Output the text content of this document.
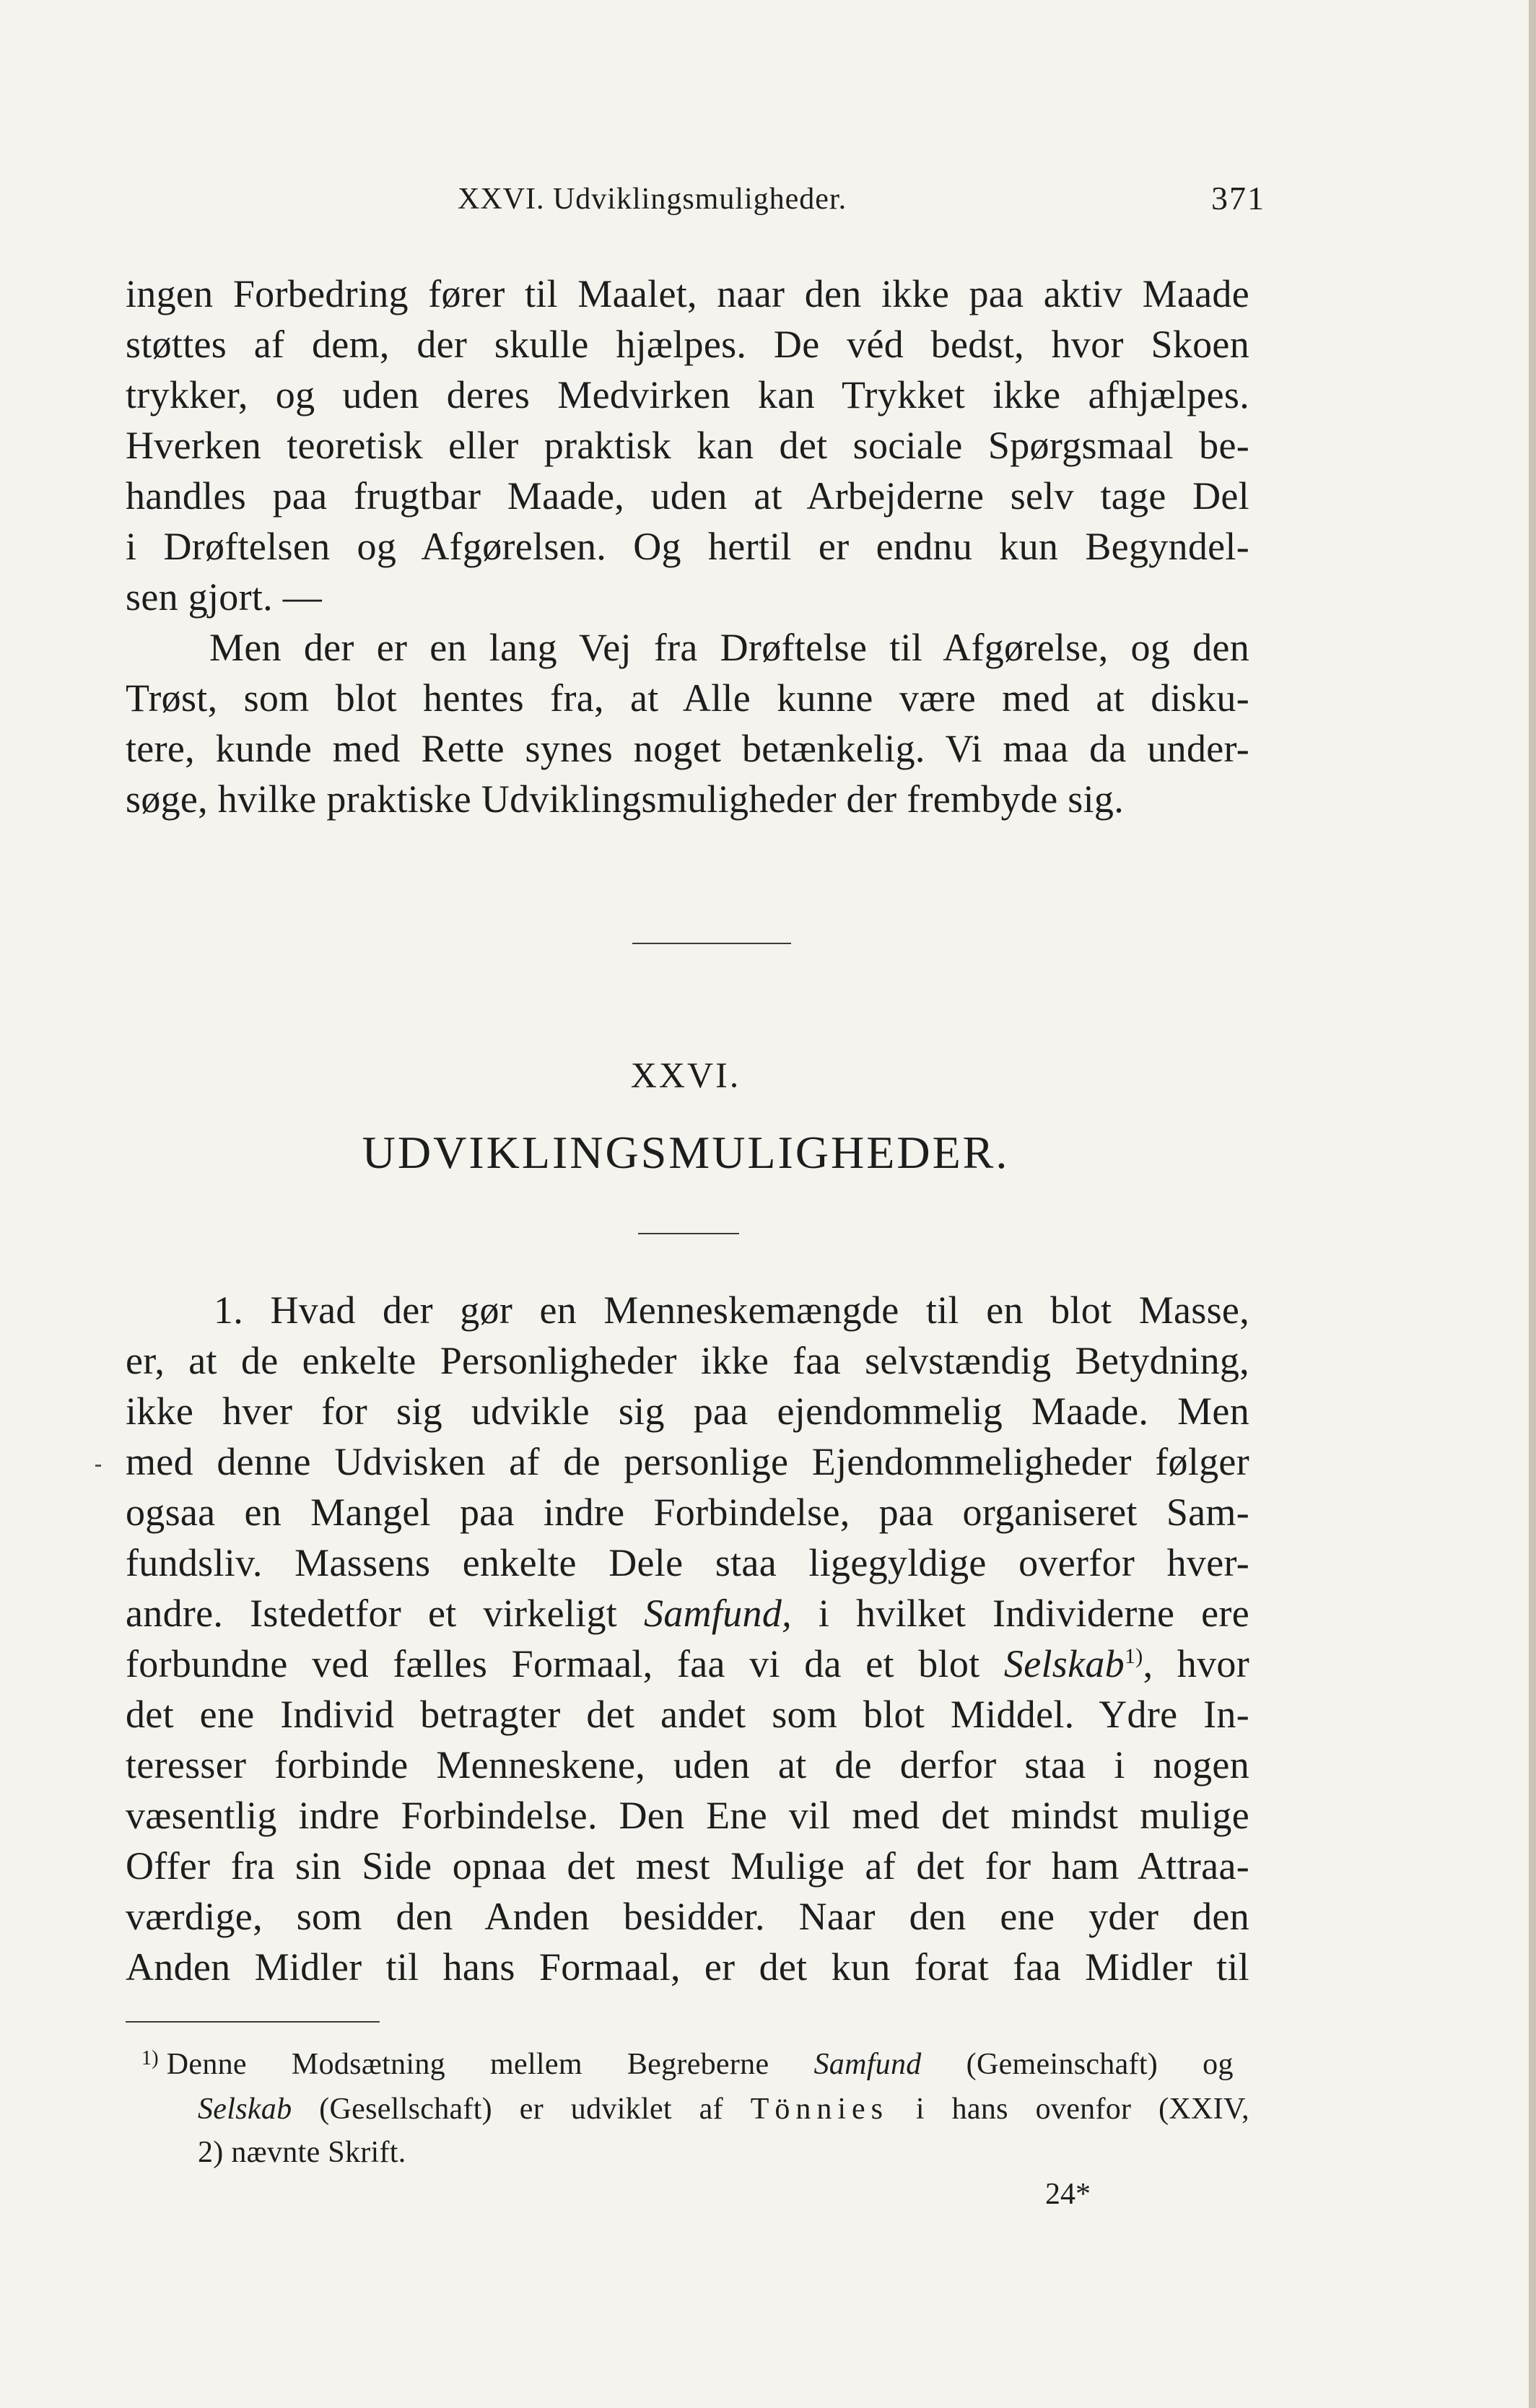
XXVI. Udviklingsmuligheder.	371
ingen Forbedring fører til Maalet, naar den ikke paa aktiv Maade
støttes af dem, der skulle hjælpes. De véd bedst, hvor Skoen
trykker, og uden deres Medvirken kan Trykket ikke afhjælpes.
Hverken teoretisk eller praktisk kan det sociale Spørgsmaal be-
handles paa frugtbar Maade, uden at Arbejderne selv tage Del
i Drøftelsen og Afgørelsen. Og hertil er endnu kun Begyndel-
sen gjort. —
Men der er en lang Vej fra Drøftelse til Afgørelse, og den
Trøst, som blot hentes fra, at Alle kunne være med at disku-
tere, kunde med Rette synes noget betænkelig. Vi maa da under-
søge, hvilke praktiske Udviklingsmuligheder der frembyde sig.
XXVI.
UDVIKLINGSMULIGHEDER.
1. Hvad der gør en Menneskemængde til en blot Masse,
er, at de enkelte Personligheder ikke faa selvstændig Betydning,
ikke hver for sig udvikle sig paa ejendommelig Maade. Men
med denne Udvisken af de personlige Ejendommeligheder følger
ogsaa en Mangel paa indre Forbindelse, paa organiseret Sam-
fundsliv. Massens enkelte Dele staa ligegyldige overfor hver-
andre. Istedetfor et virkeligt Samfund, i hvilket Individerne ere
forbundne ved fælles Formaal, faa vi da et blot Selskab$^{1)}$, hvor
det ene Individ betragter det andet som blot Middel. Ydre In-
teresser forbinde Menneskene, uden at de derfor staa i nogen
væsentlig indre Forbindelse. Den Ene vil med det mindst mulige
Offer fra sin Side opnaa det mest Mulige af det for ham Attraa-
værdige, som den Anden besidder. Naar den ene yder den
Anden Midler til hans Formaal, er det kun forat faa Midler til
$^{1)}$ Denne Modsætning mellem Begreberne Samfund (Gemeinschaft) og
Selskab (Gesellschaft) er udviklet af Tönnies i hans ovenfor (XXIV,
2) nævnte Skrift.
24*
